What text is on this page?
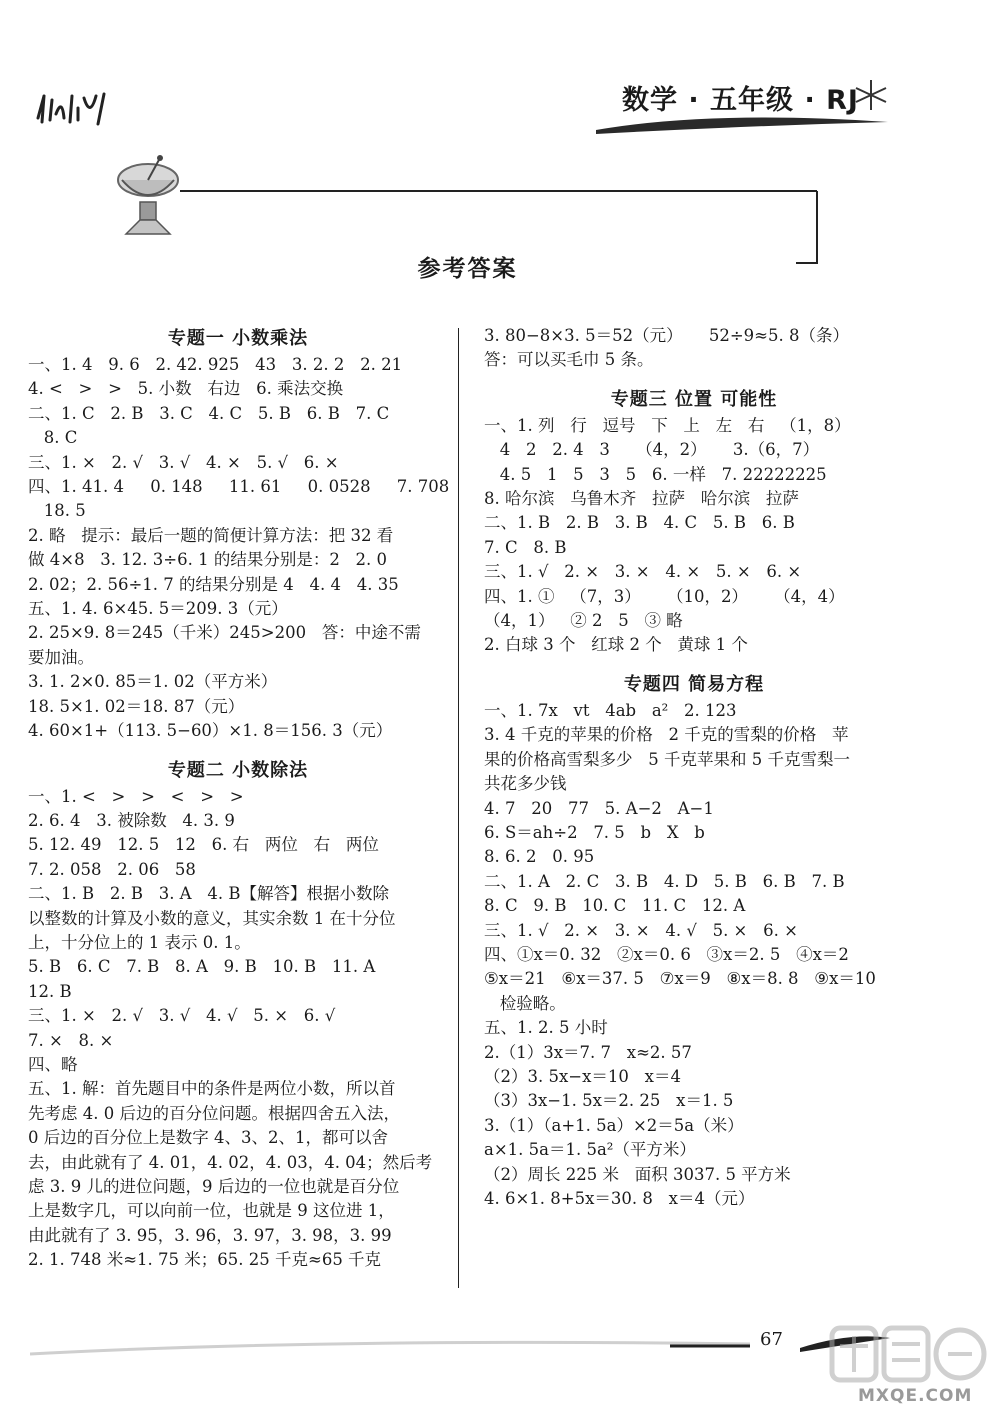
数学 · 五年级 · RJ
参考答案
专题一 小数乘法
一、1. 4   9. 6   2. 42. 925   43   3. 2. 2   2. 21
4. <   >   >   5. 小数   右边   6. 乘法交换
二、1. C   2. B   3. C   4. C   5. B   6. B   7. C
8. C
三、1. ×   2. √   3. √   4. ×   5. √   6. ×
四、1. 41. 4     0. 148     11. 61     0. 0528     7. 708
18. 5
2. 略   提示：最后一题的简便计算方法：把 32 看
做 4×8   3. 12. 3÷6. 1 的结果分别是：2   2. 0
2. 02；2. 56÷1. 7 的结果分别是 4   4. 4   4. 35
五、1. 4. 6×45. 5＝209. 3（元）
2. 25×9. 8＝245（千米）245>200   答：中途不需
要加油。
3. 1. 2×0. 85＝1. 02（平方米）
18. 5×1. 02＝18. 87（元）
4. 60×1+（113. 5−60）×1. 8＝156. 3（元）
专题二 小数除法
一、1. <   >   >   <   >   >
2. 6. 4   3. 被除数   4. 3. 9
5. 12. 49   12. 5   12   6. 右   两位   右   两位
7. 2. 058   2. 06   58
二、1. B   2. B   3. A   4. B【解答】根据小数除
以整数的计算及小数的意义，其实余数 1 在十分位
上，十分位上的 1 表示 0. 1。
5. B   6. C   7. B   8. A   9. B   10. B   11. A
12. B
三、1. ×   2. √   3. √   4. √   5. ×   6. √
7. ×   8. ×
四、略
五、1. 解：首先题目中的条件是两位小数，所以首
先考虑 4. 0 后边的百分位问题。根据四舍五入法，
0 后边的百分位上是数字 4、3、2、1，都可以舍
去，由此就有了 4. 01，4. 02，4. 03，4. 04；然后考
虑 3. 9 儿的进位问题，9 后边的一位也就是百分位
上是数字几，可以向前一位，也就是 9 这位进 1，
由此就有了 3. 95，3. 96，3. 97，3. 98，3. 99
2. 1. 748 米≈1. 75 米；65. 25 千克≈65 千克
3. 80−8×3. 5＝52（元）     52÷9≈5. 8（条）
答：可以买毛巾 5 条。
专题三 位置 可能性
一、1. 列   行   逗号   下   上   左   右   （1，8）
4   2   2. 4   3     （4，2）     3.（6，7）
4. 5   1   5   3   5   6. 一样   7. 22222225
8. 哈尔滨   乌鲁木齐   拉萨   哈尔滨   拉萨
二、1. B   2. B   3. B   4. C   5. B   6. B
7. C   8. B
三、1. √   2. ×   3. ×   4. ×   5. ×   6. ×
四、1. ①   （7，3）     （10，2）     （4，4）
（4，1）   ② 2   5   ③ 略
2. 白球 3 个   红球 2 个   黄球 1 个
专题四 简易方程
一、1. 7x   vt   4ab   a²   2. 123
3. 4 千克的苹果的价格   2 千克的雪梨的价格   苹
果的价格高雪梨多少   5 千克苹果和 5 千克雪梨一
共花多少钱
4. 7   20   77   5. A−2   A−1
6. S＝ah÷2   7. 5   b   X   b
8. 6. 2   0. 95
二、1. A   2. C   3. B   4. D   5. B   6. B   7. B
8. C   9. B   10. C   11. C   12. A
三、1. √   2. ×   3. ×   4. √   5. ×   6. ×
四、①x＝0. 32   ②x＝0. 6   ③x＝2. 5   ④x＝2
⑤x＝21   ⑥x＝37. 5   ⑦x＝9   ⑧x＝8. 8   ⑨x＝10
检验略。
五、1. 2. 5 小时
2.（1）3x＝7. 7   x≈2. 57
（2）3. 5x−x＝10   x＝4
（3）3x−1. 5x＝2. 25   x＝1. 5
3.（1）（a+1. 5a）×2＝5a（米）
a×1. 5a＝1. 5a²（平方米）
（2）周长 225 米   面积 3037. 5 平方米
4. 6×1. 8+5x＝30. 8   x＝4（元）
67
MXQE.COM
